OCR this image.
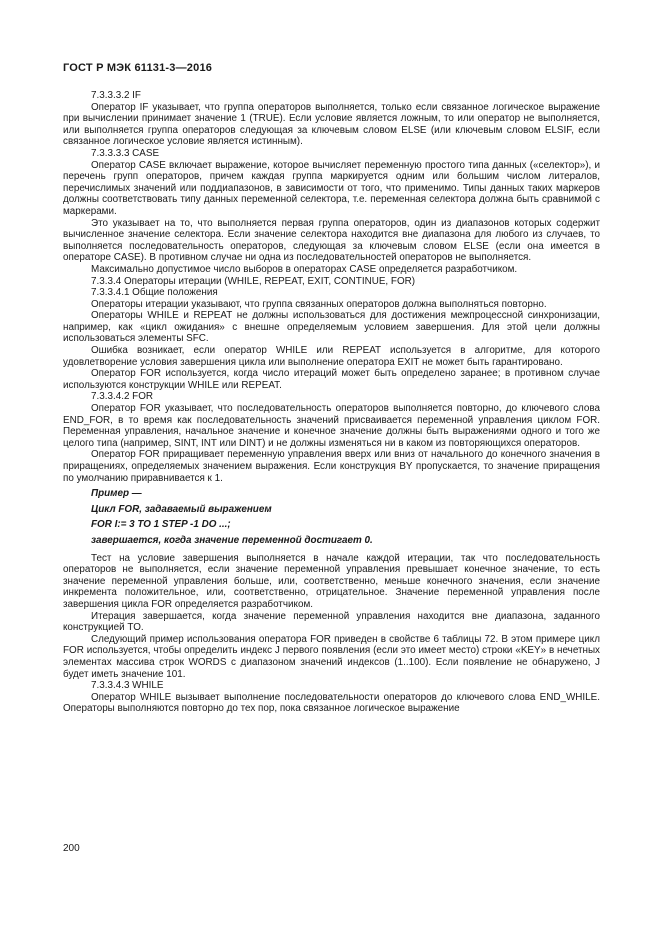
ГОСТ Р МЭК 61131-3—2016

7.3.3.3.2 IF

Оператор IF указывает, что группа операторов выполняется, только если связанное логическое выражение при вычислении принимает значение 1 (TRUE). Если условие является ложным, то или оператор не выполняется, или выполняется группа операторов следующая за ключевым словом ELSE (или ключевым словом ELSIF, если связанное логическое условие является истинным).

7.3.3.3.3 CASE

Оператор CASE включает выражение, которое вычисляет переменную простого типа данных («селектор»), и перечень групп операторов, причем каждая группа маркируется одним или большим числом литералов, перечислимых значений или поддиапазонов, в зависимости от того, что применимо. Типы данных таких маркеров должны соответствовать типу данных переменной селектора, т.е. переменная селектора должна быть сравнимой с маркерами.

Это указывает на то, что выполняется первая группа операторов, один из диапазонов которых содержит вычисленное значение селектора. Если значение селектора находится вне диапазона для любого из случаев, то выполняется последовательность операторов, следующая за ключевым словом ELSE (если она имеется в операторе CASE). В противном случае ни одна из последовательностей операторов не выполняется.

Максимально допустимое число выборов в операторах CASE определяется разработчиком.

7.3.3.4 Операторы итерации (WHILE, REPEAT, EXIT, CONTINUE, FOR)

7.3.3.4.1 Общие положения

Операторы итерации указывают, что группа связанных операторов должна выполняться повторно.

Операторы WHILE и REPEAT не должны использоваться для достижения межпроцессной синхронизации, например, как «цикл ожидания» с внешне определяемым условием завершения. Для этой цели должны использоваться элементы SFC.

Ошибка возникает, если оператор WHILE или REPEAT используется в алгоритме, для которого удовлетворение условия завершения цикла или выполнение оператора EXIT не может быть гарантировано.

Оператор FOR используется, когда число итераций может быть определено заранее; в противном случае используются конструкции WHILE или REPEAT.

7.3.3.4.2 FOR

Оператор FOR указывает, что последовательность операторов выполняется повторно, до ключевого слова END_FOR, в то время как последовательность значений присваивается переменной управления циклом FOR. Переменная управления, начальное значение и конечное значение должны быть выражениями одного и того же целого типа (например, SINT, INT или DINT) и не должны изменяться ни в каком из повторяющихся операторов.

Оператор FOR приращивает переменную управления вверх или вниз от начального до конечного значения в приращениях, определяемых значением выражения. Если конструкция BY пропускается, то значение приращения по умолчанию приравнивается к 1.

Пример —

Цикл FOR, задаваемый выражением

FOR I:= 3 TO 1 STEP -1 DO ...;

завершается, когда значение переменной достигает 0.

Тест на условие завершения выполняется в начале каждой итерации, так что последовательность операторов не выполняется, если значение переменной управления превышает конечное значение, то есть значение переменной управления больше, или, соответственно, меньше конечного значения, если значение инкремента положительное, или, соответственно, отрицательное. Значение переменной управления после завершения цикла FOR определяется разработчиком.

Итерация завершается, когда значение переменной управления находится вне диапазона, заданного конструкцией TO.

Следующий пример использования оператора FOR приведен в свойстве 6 таблицы 72. В этом примере цикл FOR используется, чтобы определить индекс J первого появления (если это имеет место) строки «KEY» в нечетных элементах массива строк WORDS с диапазоном значений индексов (1..100). Если появление не обнаружено, J будет иметь значение 101.

7.3.3.4.3 WHILE

Оператор WHILE вызывает выполнение последовательности операторов до ключевого слова END_WHILE. Операторы выполняются повторно до тех пор, пока связанное логическое выражение

200
